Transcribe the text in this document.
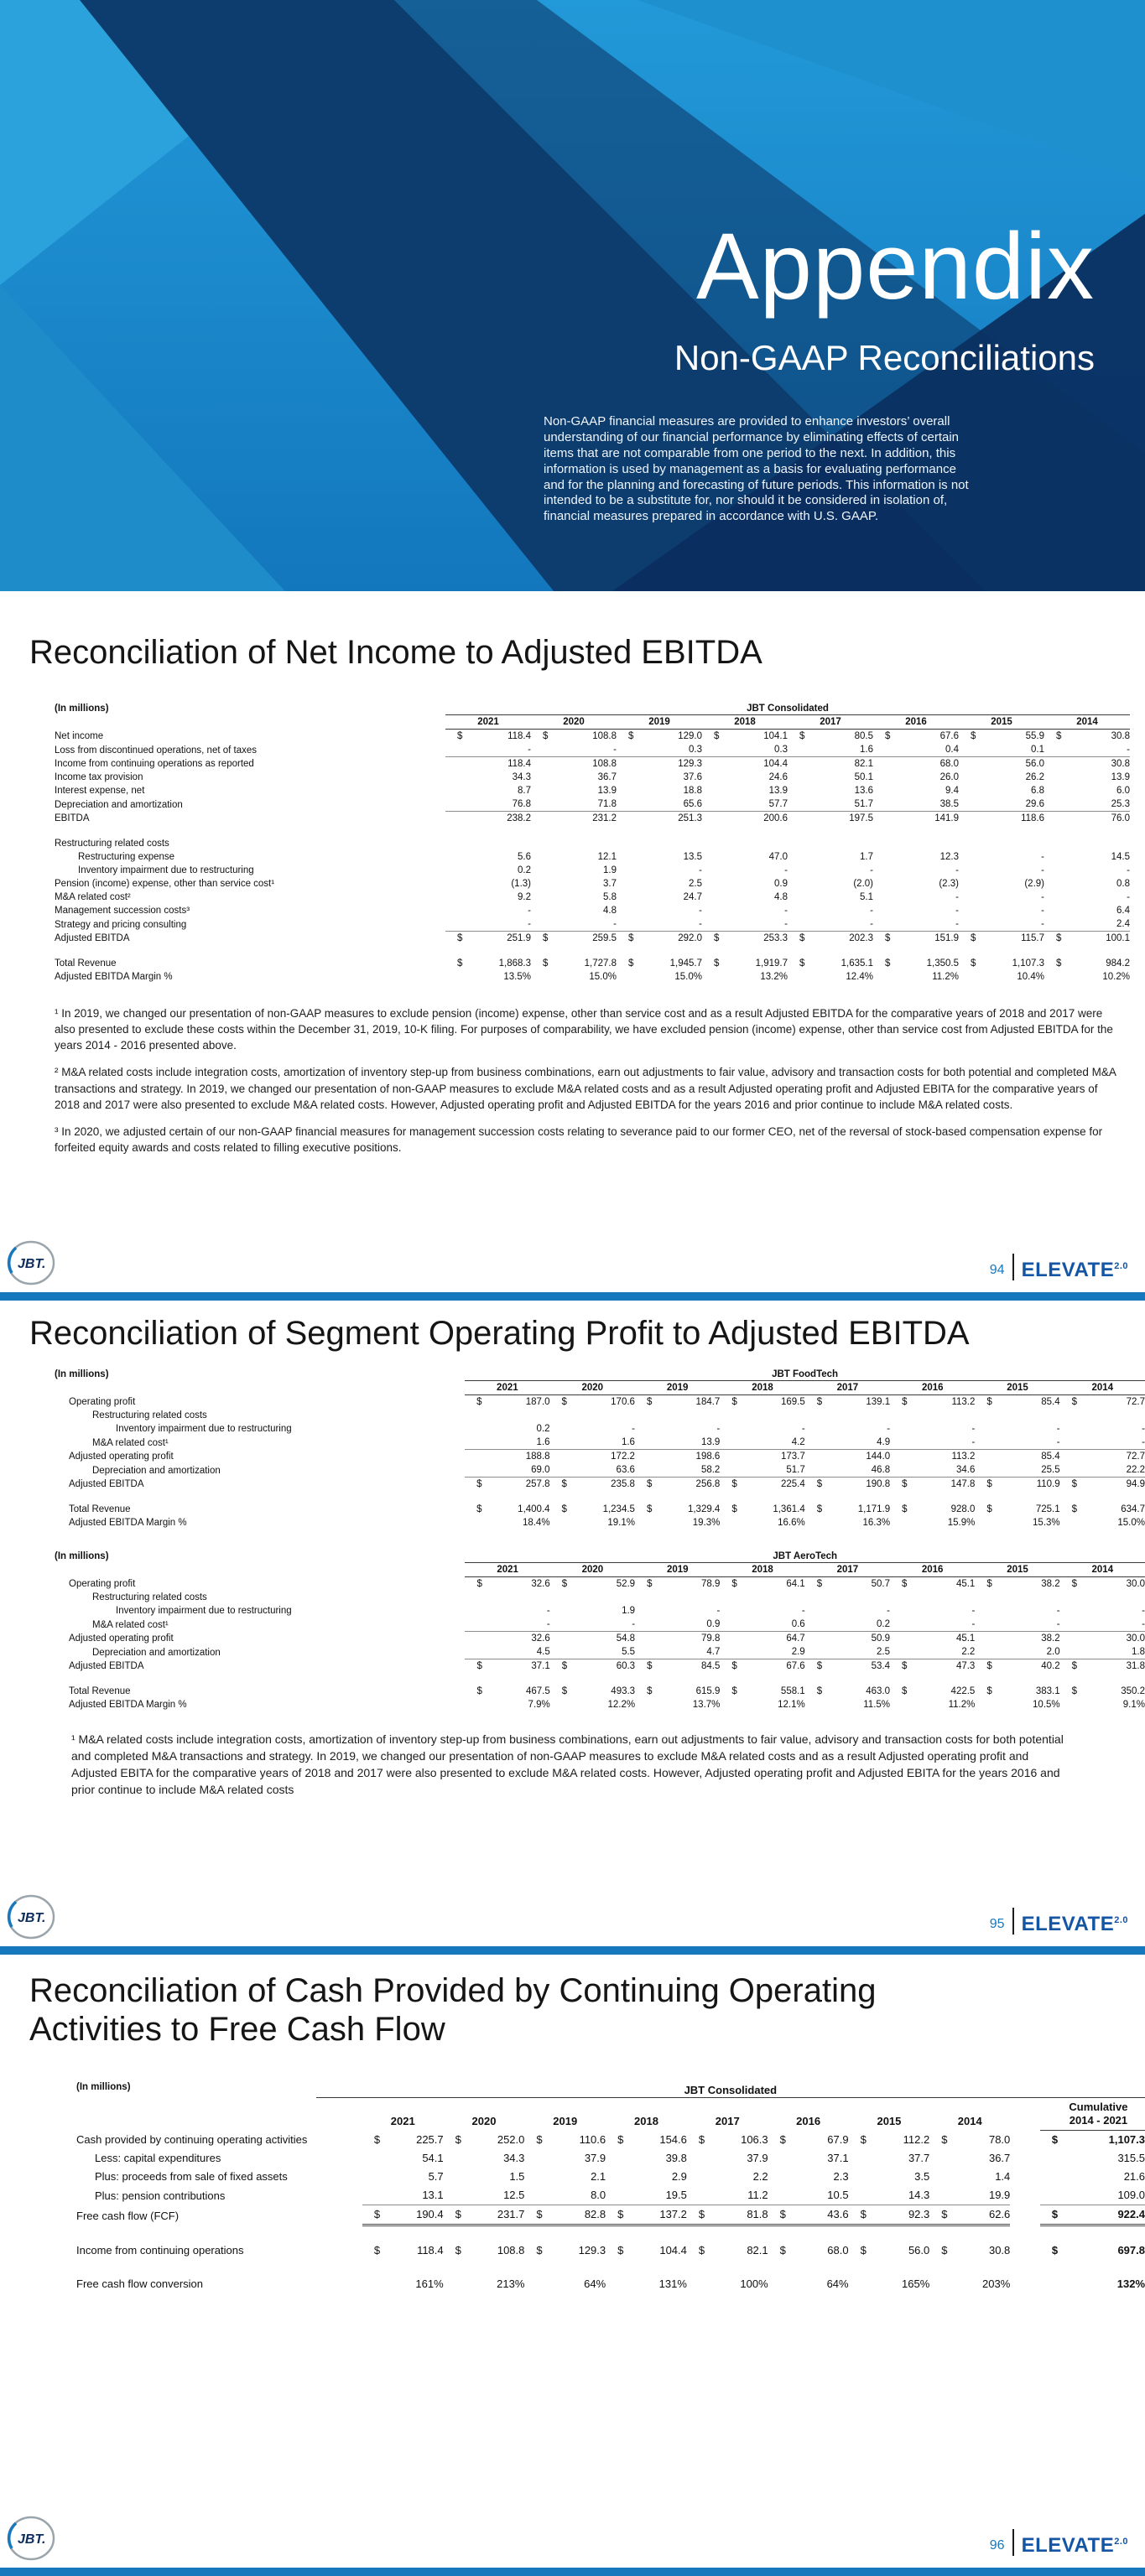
Appendix
Non-GAAP Reconciliations
Non-GAAP financial measures are provided to enhance investors’ overall understanding of our financial performance by eliminating effects of certain items that are not comparable from one period to the next. In addition, this information is used by management as a basis for evaluating performance and for the planning and forecasting of future periods. This information is not intended to be a substitute for, nor should it be considered in isolation of, financial measures prepared in accordance with U.S. GAAP.
Reconciliation of Net Income to Adjusted EBITDA
(In millions)
		JBT Consolidated							
	2021	2020	2019	2018	2017	2016	2015	2014
Net income	$ 118.4	$ 108.8	$ 129.0	$ 104.1	$ 80.5	$ 67.6	$ 55.9	$ 30.8

Loss from discontinued operations, net of taxes	-	-	0.3	0.3	1.6	0.4	0.1	-

Income from continuing operations as reported	118.4	108.8	129.3	104.4	82.1	68.0	56.0	30.8

Income tax provision	34.3	36.7	37.6	24.6	50.1	26.0	26.2	13.9

Interest expense, net	8.7	13.9	18.8	13.9	13.6	9.4	6.8	6.0

Depreciation and amortization	76.8	71.8	65.6	57.7	51.7	38.5	29.6	25.3

EBITDA	238.2	231.2	251.3	200.6	197.5	141.9	118.6	76.0

Restructuring related costs	

Restructuring expense	5.6	12.1	13.5	47.0	1.7	12.3	-	14.5

Inventory impairment due to restructuring	0.2	1.9	-	-	-	-	-	-

Pension (income) expense, other than service cost¹	(1.3)	3.7	2.5	0.9	(2.0)	(2.3)	(2.9)	0.8

M&A related cost²	9.2	5.8	24.7	4.8	5.1	-	-	-

Management succession costs³	-	4.8	-	-	-	-	-	6.4

Strategy and pricing consulting	-	-	-	-	-	-	-	2.4

Adjusted EBITDA	$ 251.9	$ 259.5	$ 292.0	$ 253.3	$ 202.3	$ 151.9	$ 115.7	$ 100.1

Total Revenue	$ 1,868.3	$ 1,727.8	$ 1,945.7	$ 1,919.7	$ 1,635.1	$ 1,350.5	$ 1,107.3	$ 984.2

Adjusted EBITDA Margin %	13.5%	15.0%	15.0%	13.2%	12.4%	11.2%	10.4%	10.2%

¹ In 2019, we changed our presentation of non-GAAP measures to exclude pension (income) expense, other than service cost and as a result Adjusted EBITDA for the comparative years of 2018 and 2017 were also presented to exclude these costs within the December 31, 2019, 10-K filing. For purposes of comparability, we have excluded pension (income) expense, other than service cost from Adjusted EBITDA for the years 2014 - 2016 presented above.

² M&A related costs include integration costs, amortization of inventory step-up from business combinations, earn out adjustments to fair value, advisory and transaction costs for both potential and completed M&A transactions and strategy. In 2019, we changed our presentation of non-GAAP measures to exclude M&A related costs and as a result Adjusted operating profit and Adjusted EBITA for the comparative years of 2018 and 2017 were also presented to exclude M&A related costs. However, Adjusted operating profit and Adjusted EBITDA for the years 2016 and prior continue to include M&A related costs.

³ In 2020, we adjusted certain of our non-GAAP financial measures for management succession costs relating to severance paid to our former CEO, net of the reversal of stock-based compensation expense for forfeited equity awards and costs related to filling executive positions.

JBT.	94 $ELEVATE^{2.0}$
Reconciliation of Segment Operating Profit to Adjusted EBITDA
(In millions)
		JBT FoodTech							
	2021	2020	2019	2018	2017	2016	2015	2014
Operating profit	$ 187.0	$ 170.6	$ 184.7	$ 169.5	$ 139.1	$ 113.2	$ 85.4	$ 72.7

Restructuring related costs	

Inventory impairment due to restructuring	0.2	-	-	-	-	-	-	-

M&A related cost¹	1.6	1.6	13.9	4.2	4.9	-	-	-

Adjusted operating profit	188.8	172.2	198.6	173.7	144.0	113.2	85.4	72.7

Depreciation and amortization	69.0	63.6	58.2	51.7	46.8	34.6	25.5	22.2

Adjusted EBITDA	$ 257.8	$ 235.8	$ 256.8	$ 225.4	$ 190.8	$ 147.8	$ 110.9	$ 94.9

Total Revenue	$ 1,400.4	$ 1,234.5	$ 1,329.4	$ 1,361.4	$ 1,171.9	$ 928.0	$ 725.1	$ 634.7

Adjusted EBITDA Margin %	18.4%	19.1%	19.3%	16.6%	16.3%	15.9%	15.3%	15.0%
(In millions)
		JBT AeroTech							
	2021	2020	2019	2018	2017	2016	2015	2014
Operating profit	$ 32.6	$ 52.9	$ 78.9	$ 64.1	$ 50.7	$ 45.1	$ 38.2	$ 30.0

Restructuring related costs	

Inventory impairment due to restructuring	-	1.9	-	-	-	-	-	-

M&A related cost¹	-	-	0.9	0.6	0.2	-	-	-

Adjusted operating profit	32.6	54.8	79.8	64.7	50.9	45.1	38.2	30.0

Depreciation and amortization	4.5	5.5	4.7	2.9	2.5	2.2	2.0	1.8

Adjusted EBITDA	$ 37.1	$ 60.3	$ 84.5	$ 67.6	$ 53.4	$ 47.3	$ 40.2	$ 31.8

Total Revenue	$ 467.5	$ 493.3	$ 615.9	$ 558.1	$ 463.0	$ 422.5	$ 383.1	$ 350.2

Adjusted EBITDA Margin %	7.9%	12.2%	13.7%	12.1%	11.5%	11.2%	10.5%	9.1%

¹ M&A related costs include integration costs, amortization of inventory step-up from business combinations, earn out adjustments to fair value, advisory and transaction costs for both potential and completed M&A transactions and strategy. In 2019, we changed our presentation of non-GAAP measures to exclude M&A related costs and as a result Adjusted operating profit and Adjusted EBITA for the comparative years of 2018 and 2017 were also presented to exclude M&A related costs. However, Adjusted operating profit and Adjusted EBITA for the years 2016 and prior continue to include M&A related costs

JBT.	95 $ELEVATE^{2.0}$
Reconciliation of Cash Provided by Continuing Operating Activities to Free Cash Flow
(In millions)
		JBT Consolidated										
		2021	2020	2019	2018	2017	2016	2015	2014		Cumulative
2014 - 2021

Cash provided by continuing operating activities		$ 225.7	$ 252.0	$ 110.6	$ 154.6	$ 106.3	$ 67.9	$ 112.2	$ 78.0		$ 1,107.3

Less: capital expenditures		54.1	34.3	37.9	39.8	37.9	37.1	37.7	36.7		315.5

Plus: proceeds from sale of fixed assets		5.7	1.5	2.1	2.9	2.2	2.3	3.5	1.4		21.6

Plus: pension contributions		13.1	12.5	8.0	19.5	11.2	10.5	14.3	19.9		109.0

Free cash flow (FCF)		$ 190.4	$ 231.7	$ 82.8	$ 137.2	$ 81.8	$ 43.6	$ 92.3	$ 62.6		$ 922.4

Income from continuing operations		$ 118.4	$ 108.8	$ 129.3	$ 104.4	$ 82.1	$ 68.0	$ 56.0	$ 30.8		$ 697.8

Free cash flow conversion		161%	213%	64%	131%	100%	64%	165%	203%		132%
JBT.	96 $ELEVATE^{2.0}$
